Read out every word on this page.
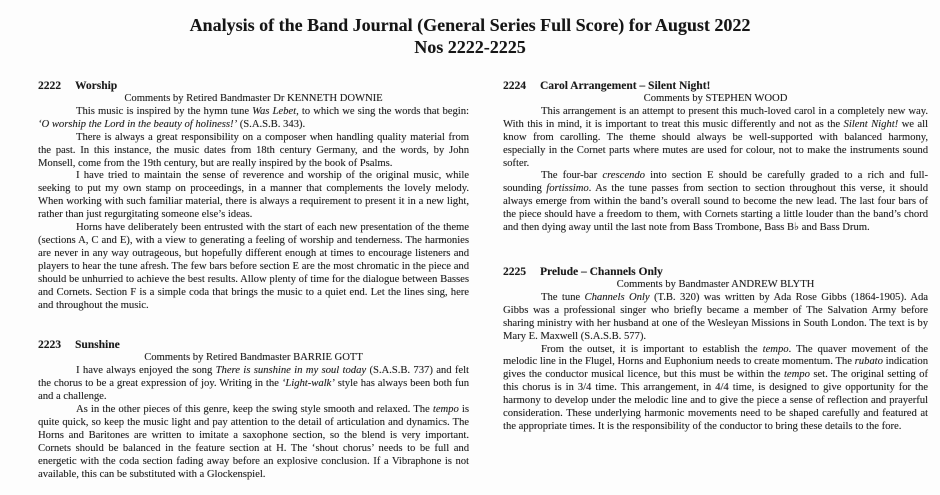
Analysis of the Band Journal (General Series Full Score) for August 2022
Nos 2222-2225
2222 Worship
Comments by Retired Bandmaster Dr KENNETH DOWNIE

This music is inspired by the hymn tune Was Lebet, to which we sing the words that begin: ‘O worship the Lord in the beauty of holiness!’ (S.A.S.B. 343).

There is always a great responsibility on a composer when handling quality material from the past. In this instance, the music dates from 18th century Germany, and the words, by John Monsell, come from the 19th century, but are really inspired by the book of Psalms.

I have tried to maintain the sense of reverence and worship of the original music, while seeking to put my own stamp on proceedings, in a manner that complements the lovely melody. When working with such familiar material, there is always a requirement to present it in a new light, rather than just regurgitating someone else’s ideas.

Horns have deliberately been entrusted with the start of each new presentation of the theme (sections A, C and E), with a view to generating a feeling of worship and tenderness. The harmonies are never in any way outrageous, but hopefully different enough at times to encourage listeners and players to hear the tune afresh. The few bars before section E are the most chromatic in the piece and should be unhurried to achieve the best results. Allow plenty of time for the dialogue between Basses and Cornets. Section F is a simple coda that brings the music to a quiet end. Let the lines sing, here and throughout the music.

2223 Sunshine
Comments by Retired Bandmaster BARRIE GOTT

I have always enjoyed the song There is sunshine in my soul today (S.A.S.B. 737) and felt the chorus to be a great expression of joy. Writing in the ‘Light-walk’ style has always been both fun and a challenge.

As in the other pieces of this genre, keep the swing style smooth and relaxed. The tempo is quite quick, so keep the music light and pay attention to the detail of articulation and dynamics. The Horns and Baritones are written to imitate a saxophone section, so the blend is very important. Cornets should be balanced in the feature section at H. The ‘shout chorus’ needs to be full and energetic with the coda section fading away before an explosive conclusion. If a Vibraphone is not available, this can be substituted with a Glockenspiel.

2224 Carol Arrangement – Silent Night!
Comments by STEPHEN WOOD

This arrangement is an attempt to present this much-loved carol in a completely new way. With this in mind, it is important to treat this music differently and not as the Silent Night! we all know from carolling. The theme should always be well-supported with balanced harmony, especially in the Cornet parts where mutes are used for colour, not to make the instruments sound softer.

The four-bar crescendo into section E should be carefully graded to a rich and full-sounding fortissimo. As the tune passes from section to section throughout this verse, it should always emerge from within the band’s overall sound to become the new lead. The last four bars of the piece should have a freedom to them, with Cornets starting a little louder than the band’s chord and then dying away until the last note from Bass Trombone, Bass B♭ and Bass Drum.

2225 Prelude – Channels Only
Comments by Bandmaster ANDREW BLYTH

The tune Channels Only (T.B. 320) was written by Ada Rose Gibbs (1864-1905). Ada Gibbs was a professional singer who briefly became a member of The Salvation Army before sharing ministry with her husband at one of the Wesleyan Missions in South London. The text is by Mary E. Maxwell (S.A.S.B. 577).

From the outset, it is important to establish the tempo. The quaver movement of the melodic line in the Flugel, Horns and Euphonium needs to create momentum. The rubato indication gives the conductor musical licence, but this must be within the tempo set. The original setting of this chorus is in 3/4 time. This arrangement, in 4/4 time, is designed to give opportunity for the harmony to develop under the melodic line and to give the piece a sense of reflection and prayerful consideration. These underlying harmonic movements need to be shaped carefully and featured at the appropriate times. It is the responsibility of the conductor to bring these details to the fore.
